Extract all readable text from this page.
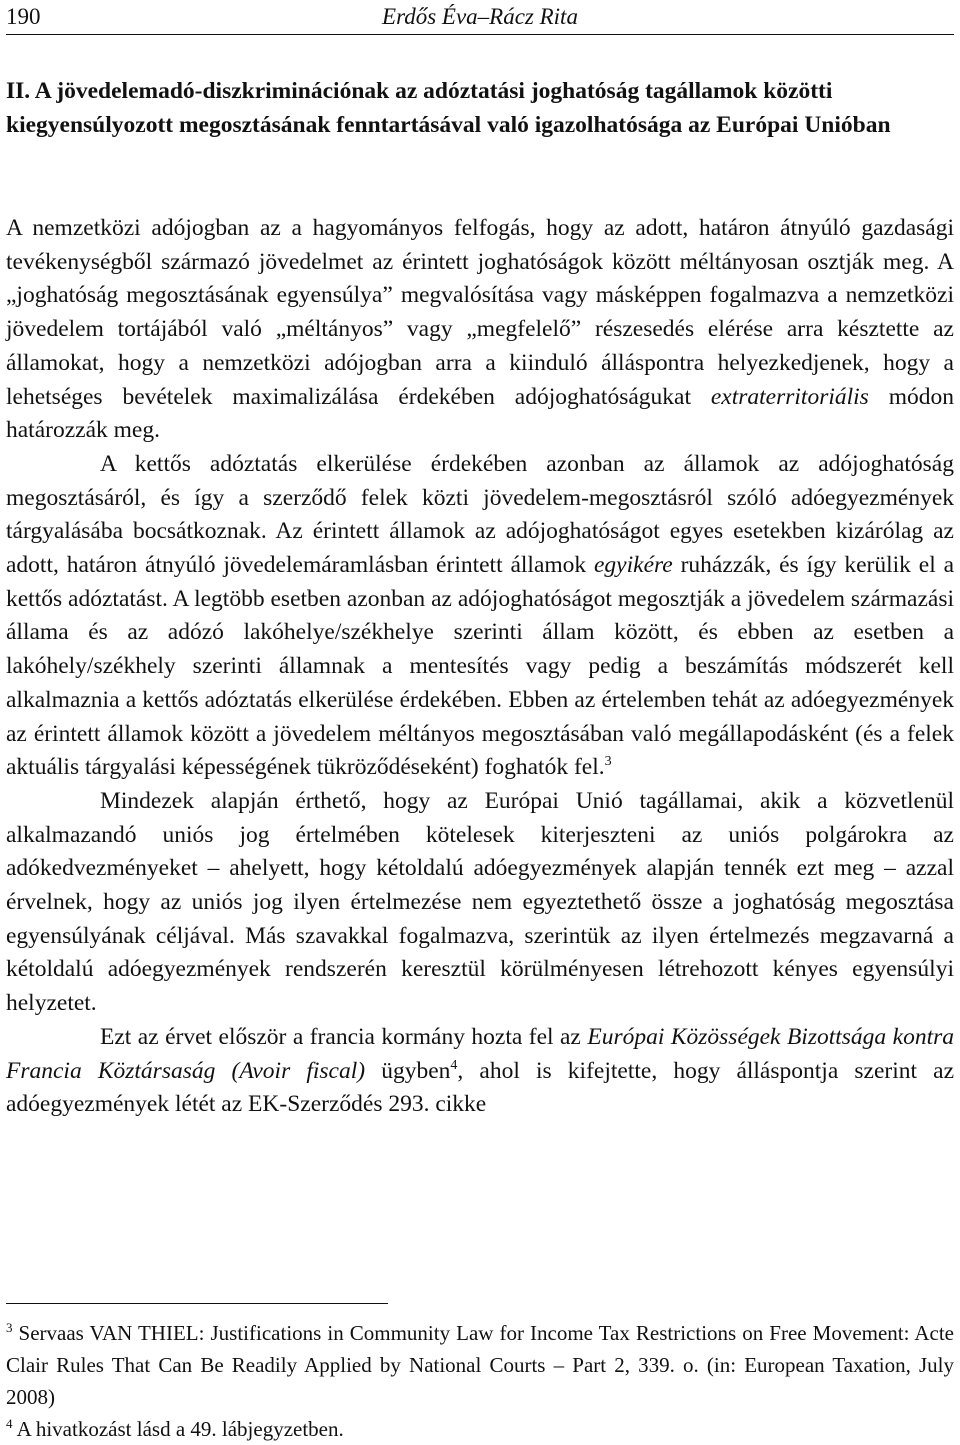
190	Erdős Éva–Rácz Rita
II. A jövedelemadó-diszkriminációnak az adóztatási joghatóság tagállamok közötti kiegyensúlyozott megosztásának fenntartásával való igazolhatósága az Európai Unióban

A nemzetközi adójogban az a hagyományos felfogás, hogy az adott, határon átnyúló gazdasági tevékenységből származó jövedelmet az érintett joghatóságok között méltányosan osztják meg. A „joghatóság megosztásának egyensúlya” megvalósítása vagy másképpen fogalmazva a nemzetközi jövedelem tortájából való „méltányos” vagy „megfelelő” részesedés elérése arra késztette az államokat, hogy a nemzetközi adójogban arra a kiinduló álláspontra helyezkedjenek, hogy a lehetséges bevételek maximalizálása érdekében adójoghatóságukat extraterritoriális módon határozzák meg.

A kettős adóztatás elkerülése érdekében azonban az államok az adójoghatóság megosztásáról, és így a szerződő felek közti jövedelem-megosztásról szóló adóegyezmények tárgyalásába bocsátkoznak. Az érintett államok az adójoghatóságot egyes esetekben kizárólag az adott, határon átnyúló jövedelemáramlásban érintett államok egyikére ruházzák, és így kerülik el a kettős adóztatást. A legtöbb esetben azonban az adójoghatóságot megosztják a jövedelem származási állama és az adózó lakóhelye/székhelye szerinti állam között, és ebben az esetben a lakóhely/székhely szerinti államnak a mentesítés vagy pedig a beszámítás módszerét kell alkalmaznia a kettős adóztatás elkerülése érdekében. Ebben az értelemben tehát az adóegyezmények az érintett államok között a jövedelem méltányos megosztásában való megállapodásként (és a felek aktuális tárgyalási képességének tükröződéseként) foghatók fel.$^3$

Mindezek alapján érthető, hogy az Európai Unió tagállamai, akik a közvetlenül alkalmazandó uniós jog értelmében kötelesek kiterjeszteni az uniós polgárokra az adókedvezményeket – ahelyett, hogy kétoldalú adóegyezmények alapján tennék ezt meg – azzal érvelnek, hogy az uniós jog ilyen értelmezése nem egyeztethető össze a joghatóság megosztása egyensúlyának céljával. Más szavakkal fogalmazva, szerintük az ilyen értelmezés megzavarná a kétoldalú adóegyezmények rendszerén keresztül körülményesen létrehozott kényes egyensúlyi helyzetet.

Ezt az érvet először a francia kormány hozta fel az Európai Közösségek Bizottsága kontra Francia Köztársaság (Avoir fiscal) ügyben$^4$, ahol is kifejtette, hogy álláspontja szerint az adóegyezmények létét az EK-Szerződés 293. cikke

$^3$ Servaas VAN THIEL: Justifications in Community Law for Income Tax Restrictions on Free Movement: Acte Clair Rules That Can Be Readily Applied by National Courts – Part 2, 339. o. (in: European Taxation, July 2008)

$^4$ A hivatkozást lásd a 49. lábjegyzetben.
